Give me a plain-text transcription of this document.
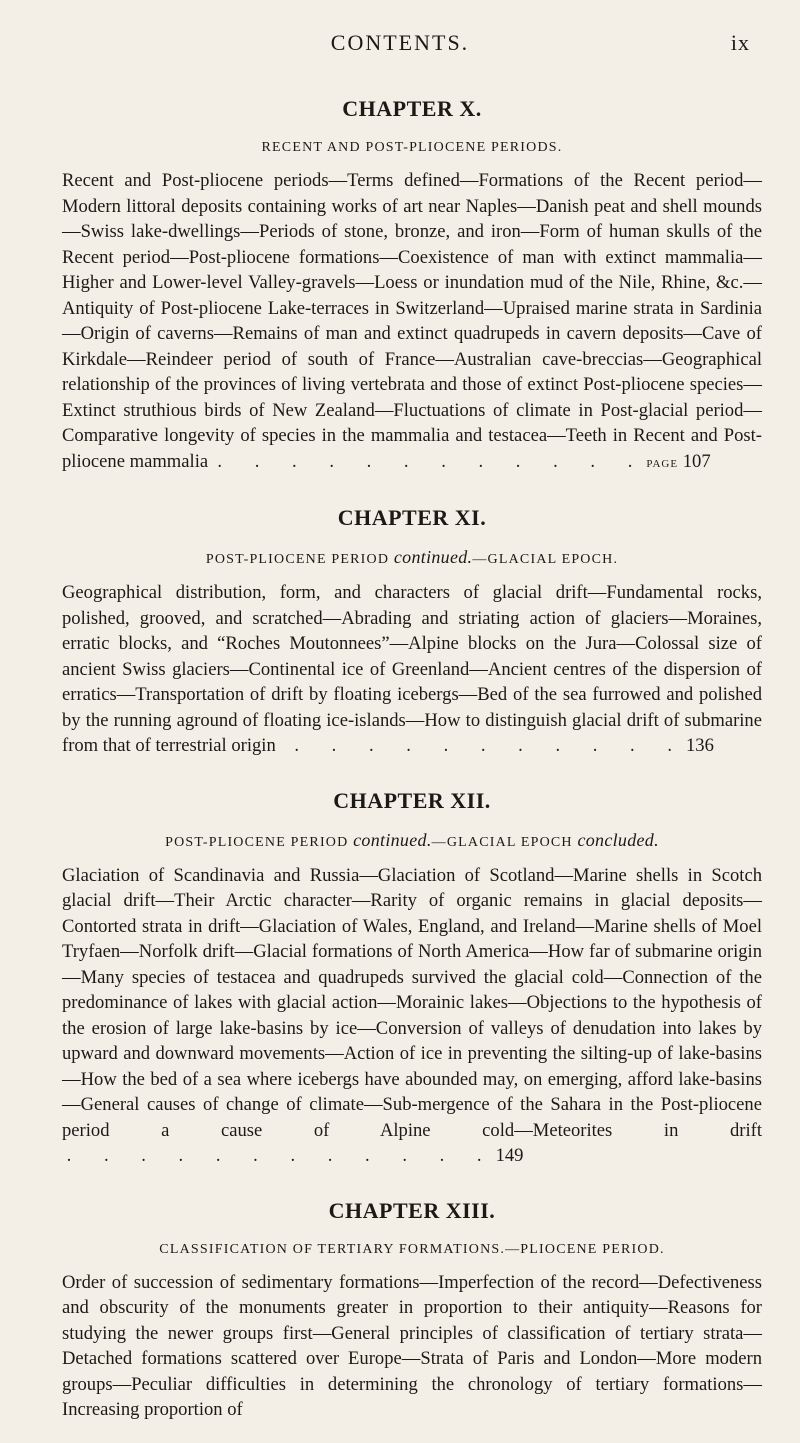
CONTENTS.	ix
CHAPTER X.
RECENT AND POST-PLIOCENE PERIODS.

Recent and Post-pliocene periods—Terms defined—Formations of the Recent period—Modern littoral deposits containing works of art near Naples—Danish peat and shell mounds—Swiss lake-dwellings—Periods of stone, bronze, and iron—Form of human skulls of the Recent period—Post-pliocene formations—Coexistence of man with extinct mammalia—Higher and Lower-level Valley-gravels—Loess or inundation mud of the Nile, Rhine, &c.—Antiquity of Post-pliocene Lake-terraces in Switzerland—Upraised marine strata in Sardinia—Origin of caverns—Remains of man and extinct quadrupeds in cavern deposits—Cave of Kirkdale—Reindeer period of south of France—Australian cave-breccias—Geographical relationship of the provinces of living vertebrata and those of extinct Post-pliocene species—Extinct struthious birds of New Zealand—Fluctuations of climate in Post-glacial period—Comparative longevity of species in the mammalia and testacea—Teeth in Recent and Post-pliocene mammalia . . . . . . . . . . . .page 107

CHAPTER XI.
POST-PLIOCENE PERIOD continued.—GLACIAL EPOCH.

Geographical distribution, form, and characters of glacial drift—Fundamental rocks, polished, grooved, and scratched—Abrading and striating action of glaciers—Moraines, erratic blocks, and “Roches Moutonnees”—Alpine blocks on the Jura—Colossal size of ancient Swiss glaciers—Continental ice of Greenland—Ancient centres of the dispersion of erratics—Transportation of drift by floating icebergs—Bed of the sea furrowed and polished by the running aground of floating ice-islands—How to distinguish glacial drift of submarine from that of terrestrial origin . . . . . . . . . . .136

CHAPTER XII.
POST-PLIOCENE PERIOD continued.—GLACIAL EPOCH concluded.

Glaciation of Scandinavia and Russia—Glaciation of Scotland—Marine shells in Scotch glacial drift—Their Arctic character—Rarity of organic remains in glacial deposits—Contorted strata in drift—Glaciation of Wales, England, and Ireland—Marine shells of Moel Tryfaen—Norfolk drift—Glacial formations of North America—How far of submarine origin—Many species of testacea and quadrupeds survived the glacial cold—Connection of the predominance of lakes with glacial action—Morainic lakes—Objections to the hypothesis of the erosion of large lake-basins by ice—Conversion of valleys of denudation into lakes by upward and downward movements—Action of ice in preventing the silting-up of lake-basins—How the bed of a sea where icebergs have abounded may, on emerging, afford lake-basins—General causes of change of climate—Sub-mergence of the Sahara in the Post-pliocene period a cause of Alpine cold—Meteorites in drift  . . . . . . . . . . . .149

CHAPTER XIII.
CLASSIFICATION OF TERTIARY FORMATIONS.—PLIOCENE PERIOD.

Order of succession of sedimentary formations—Imperfection of the record—Defectiveness and obscurity of the monuments greater in proportion to their antiquity—Reasons for studying the newer groups first—General principles of classification of tertiary strata—Detached formations scattered over Europe—Strata of Paris and London—More modern groups—Peculiar difficulties in determining the chronology of tertiary formations—Increasing proportion of
